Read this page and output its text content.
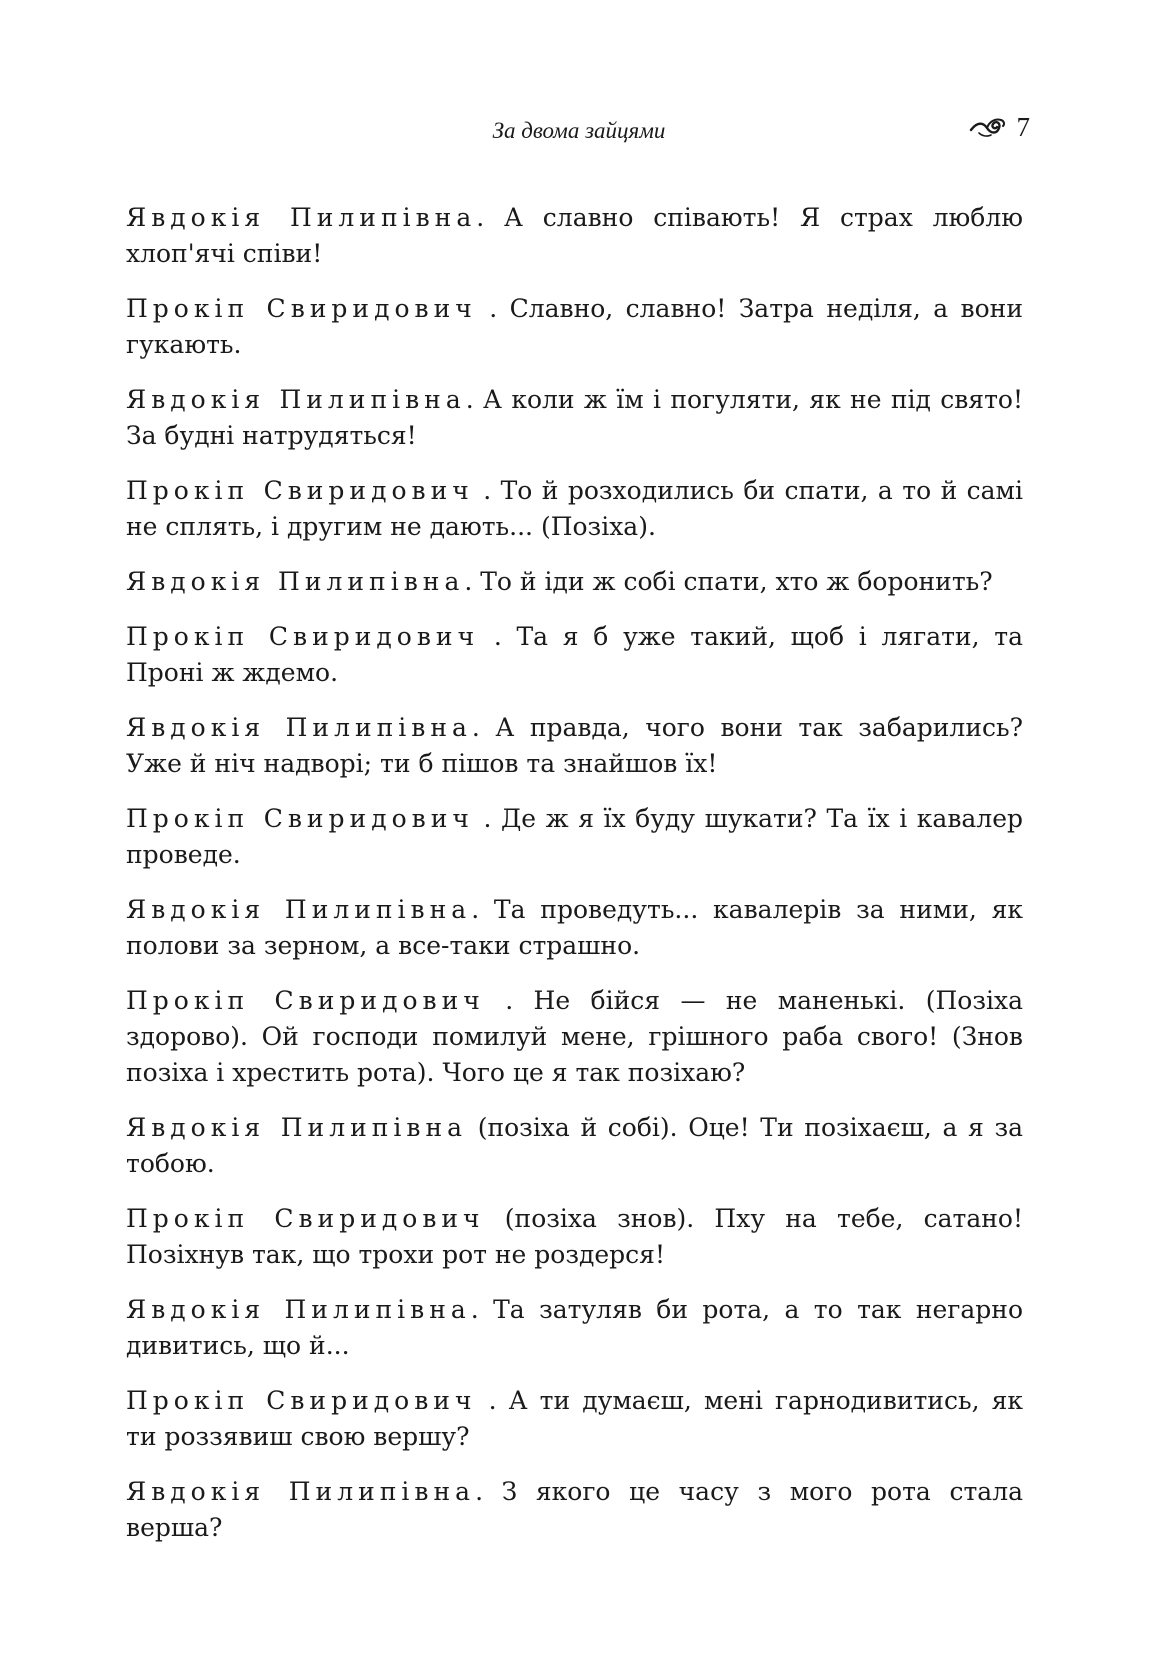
За двома зайцями	7

Явдокія Пилипівна. А славно співають! Я страх люблю хлоп'ячі співи!

Прокіп Свиридович . Славно, славно! Затра неділя, а вони гукають.

Явдокія Пилипівна. А коли ж їм і погуляти, як не під свято! За будні натрудяться!

Прокіп Свиридович . То й розходились би спати, а то й самі не сплять, і другим не дають... (Позіха).

Явдокія Пилипівна. То й іди ж собі спати, хто ж боронить?

Прокіп Свиридович . Та я б уже такий, щоб і лягати, та Проні ж ждемо.

Явдокія Пилипівна. А правда, чого вони так забарились? Уже й ніч надворі; ти б пішов та знайшов їх!

Прокіп Свиридович . Де ж я їх буду шукати? Та їх і кавалер проведе.

Явдокія Пилипівна. Та проведуть... кавалерів за ними, як полови за зерном, а все-таки страшно.

Прокіп Свиридович . Не бійся — не маненькі. (Позіха здорово). Ой господи помилуй мене, грішного раба свого! (Знов позіха і хрестить рота). Чого це я так позіхаю?

Явдокія Пилипівна (позіха й собі). Оце! Ти позіхаєш, а я за тобою.

Прокіп Свиридович (позіха знов). Пху на тебе, сатано! Позіхнув так, що трохи рот не роздерся!

Явдокія Пилипівна. Та затуляв би рота, а то так негарно дивитись, що й...

Прокіп Свиридович . А ти думаєш, мені гарнодивитись, як ти роззявиш свою вершу?

Явдокія Пилипівна. З якого це часу з мого рота стала верша?
